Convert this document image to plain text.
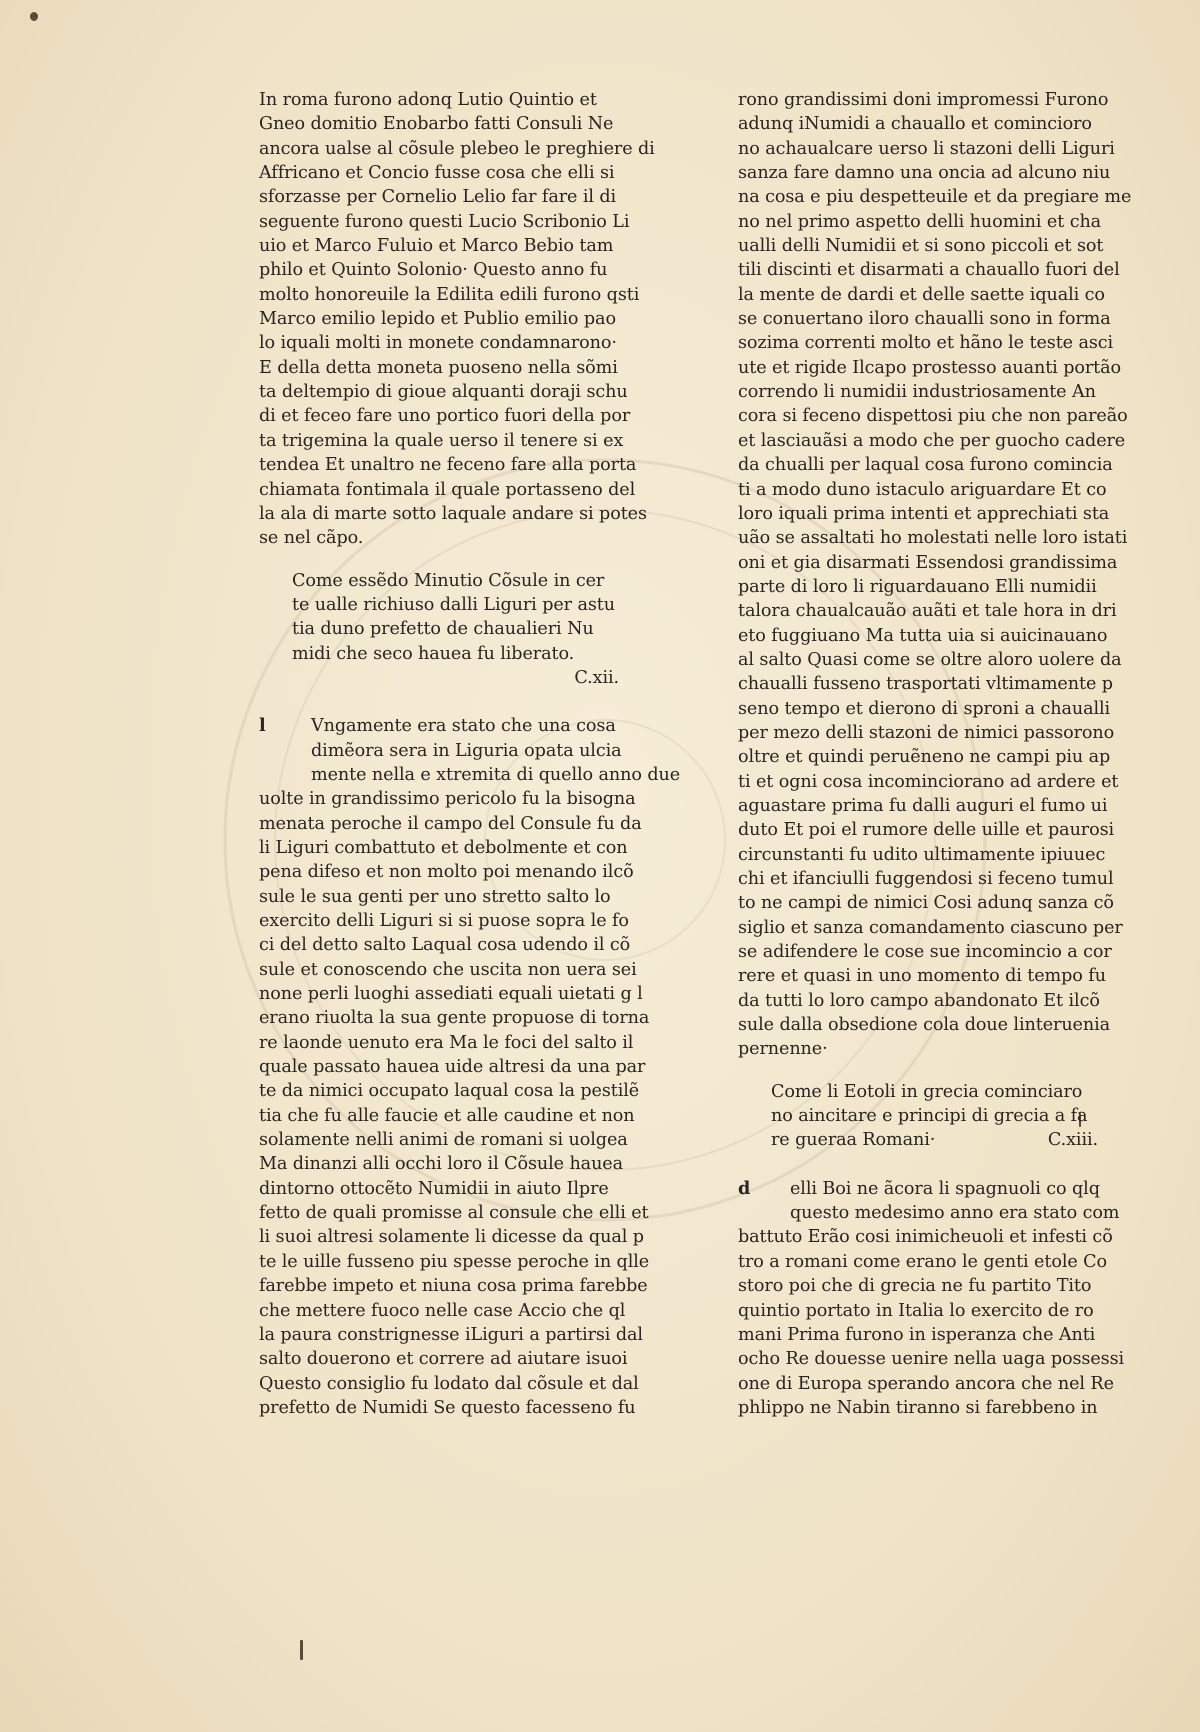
In roma furono adonq Lutio Quintio et
Gneo domitio Enobarbo fatti Consuli Ne
ancora ualse al cõsule plebeo le preghiere di
Affricano et Concio fusse cosa che elli si
sforzasse per Cornelio Lelio far fare il di
seguente furono questi Lucio Scribonio Li
uio et Marco Fuluio et Marco Bebio tam
philo et Quinto Solonio· Questo anno fu
molto honoreuile la Edilita edili furono qsti
Marco emilio lepido et Publio emilio pao
lo iquali molti in monete condamnarono·
E della detta moneta puoseno nella sõmi
ta deltempio di gioue alquanti doraji schu
di et feceo fare uno portico fuori della por
ta trigemina la quale uerso il tenere si ex
tendea Et unaltro ne feceno fare alla porta
chiamata fontimala il quale portasseno del
la ala di marte sotto laquale andare si potes
se nel cãpo.
Come essẽdo Minutio Cõsule in cer
te ualle richiuso dalli Liguri per astu
tia duno prefetto de chaualieri Nu
midi che seco hauea fu liberato.
C.xii.
l	Vngamente era stato che una cosa
dimẽora sera in Liguria opata ulcia
mente nella e xtremita di quello anno due
uolte in grandissimo pericolo fu la bisogna
menata peroche il campo del Consule fu da
li Liguri combattuto et debolmente et con
pena difeso et non molto poi menando ilcõ
sule le sua genti per uno stretto salto lo
exercito delli Liguri si si puose sopra le fo
ci del detto salto Laqual cosa udendo il cõ
sule et conoscendo che uscita non uera sei
none perli luoghi assediati equali uietati g l
erano riuolta la sua gente propuose di torna
re laonde uenuto era Ma le foci del salto il
quale passato hauea uide altresi da una par
te da nimici occupato laqual cosa la pestilẽ
tia che fu alle faucie et alle caudine et non
solamente nelli animi de romani si uolgea
Ma dinanzi alli occhi loro il Cõsule hauea
dintorno ottocẽto Numidii in aiuto Ilpre
fetto de quali promisse al consule che elli et
li suoi altresi solamente li dicesse da qual p
te le uille fusseno piu spesse peroche in qlle
farebbe impeto et niuna cosa prima farebbe
che mettere fuoco nelle case Accio che ql
la paura constrignesse iLiguri a partirsi dal
salto douerono et correre ad aiutare isuoi
Questo consiglio fu lodato dal cõsule et dal
prefetto de Numidi Se questo facesseno fu
rono grandissimi doni impromessi Furono
adunq iNumidi a chauallo et comincioro
no achaualcare uerso li stazoni delli Liguri
sanza fare damno una oncia ad alcuno niu
na cosa e piu despetteuile et da pregiare me
no nel primo aspetto delli huomini et cha
ualli delli Numidii et si sono piccoli et sot
tili discinti et disarmati a chauallo fuori del
la mente de dardi et delle saette iquali co
se conuertano iloro chaualli sono in forma
sozima correnti molto et hãno le teste asci
ute et rigide Ilcapo prostesso auanti portão
correndo li numidii industriosamente An
cora si feceno dispettosi piu che non pareão
et lasciauãsi a modo che per guocho cadere
da chualli per laqual cosa furono comincia
ti a modo duno istaculo ariguardare Et co
loro iquali prima intenti et apprechiati sta
uão se assaltati ho molestati nelle loro istati
oni et gia disarmati Essendosi grandissima
parte di loro li riguardauano Elli numidii
talora chaualcauão auãti et tale hora in dri
eto fuggiuano Ma tutta uia si auicinauano
al salto Quasi come se oltre aloro uolere da
chaualli fusseno trasportati vltimamente p
seno tempo et dierono di sproni a chaualli
per mezo delli stazoni de nimici passorono
oltre et quindi peruẽneno ne campi piu ap
ti et ogni cosa incominciorano ad ardere et
aguastare prima fu dalli auguri el fumo ui
duto Et poi el rumore delle uille et paurosi
circunstanti fu udito ultimamente ipiuuec
chi et ifanciulli fuggendosi si feceno tumul
to ne campi de nimici Cosi adunq sanza cõ
siglio et sanza comandamento ciascuno per
se adifendere le cose sue incomincio a cor
rere et quasi in uno momento di tempo fu
da tutti lo loro campo abandonato Et ilcõ
sule dalla obsedione cola doue linteruenia
pernenne·
Come li Eotoli in grecia cominciaro
no aincitare e principi di grecia a fa
re gueraa Romani·	C.xiii.
d elli Boi ne ãcora li spagnuoli co qlq
questo medesimo anno era stato com
battuto Erão cosi inimicheuoli et infesti cõ
tro a romani come erano le genti etole Co
storo poi che di grecia ne fu partito Tito
quintio portato in Italia lo exercito de ro
mani Prima furono in isperanza che Anti
ocho Re douesse uenire nella uaga possessi
one di Europa sperando ancora che nel Re
phlippo ne Nabin tiranno si farebbeno in
